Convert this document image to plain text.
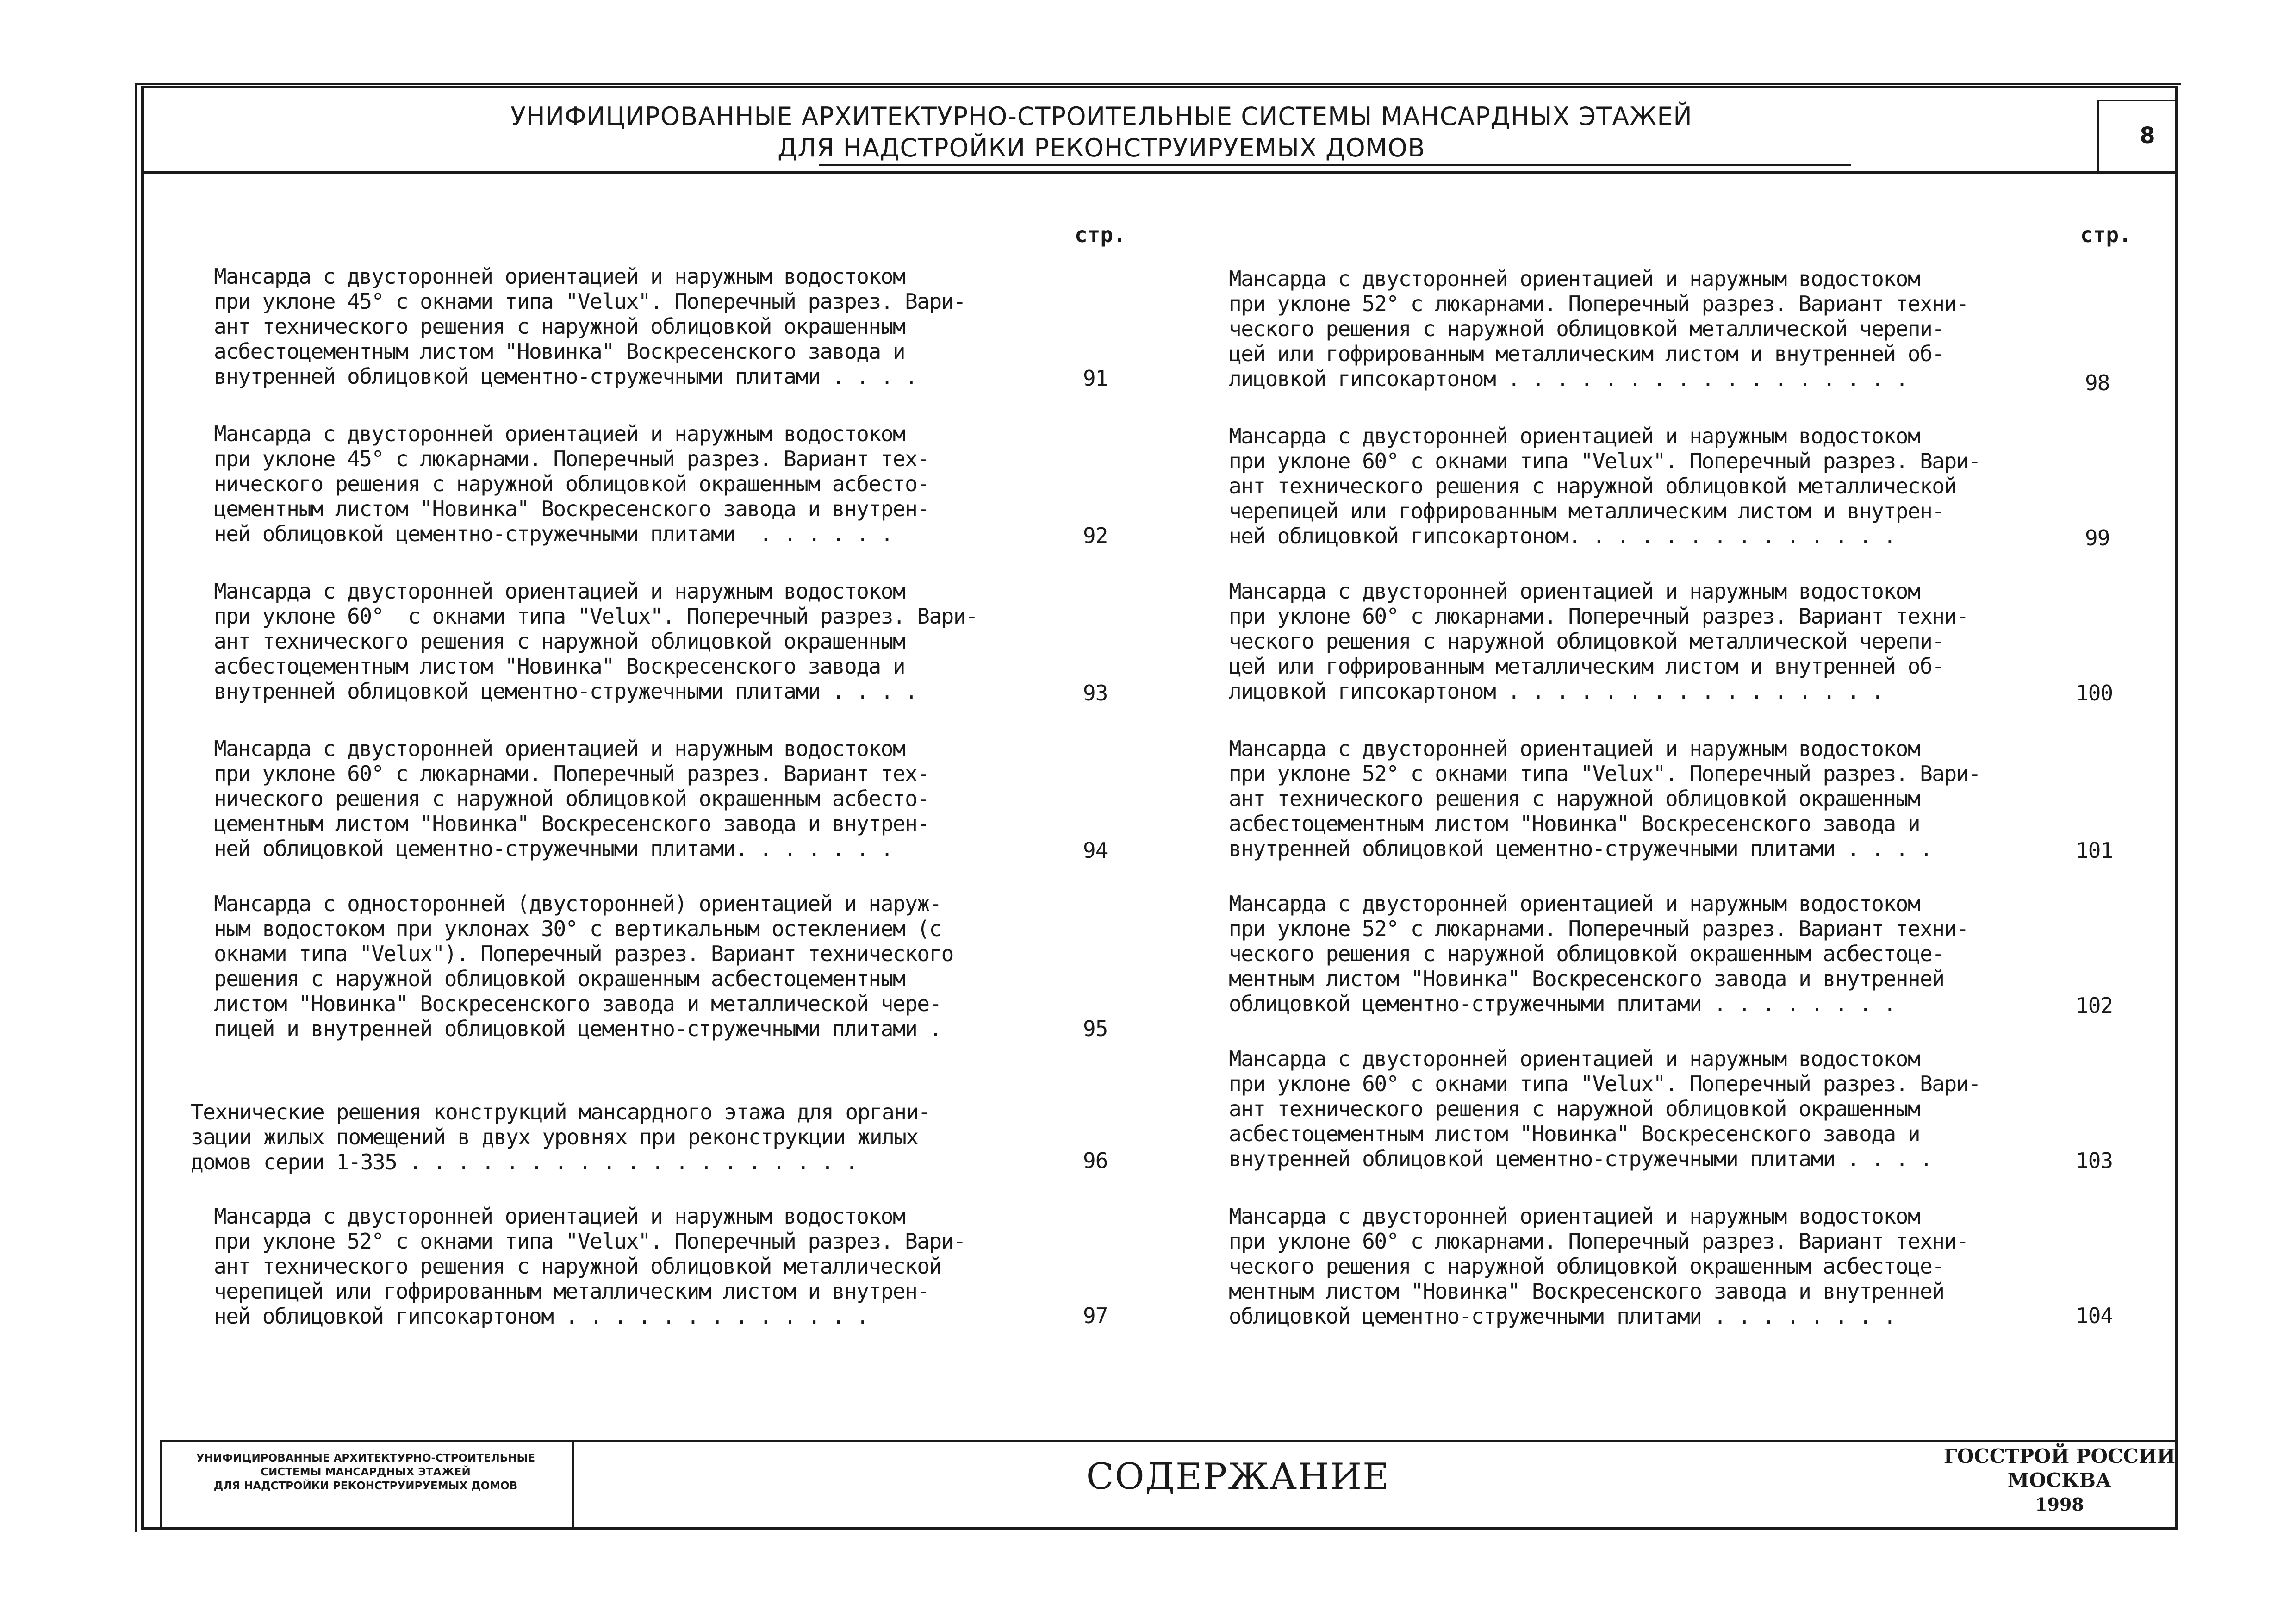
УНИФИЦИРОВАННЫЕ АРХИТЕКТУРНО-СТРОИТЕЛЬНЫЕ СИСТЕМЫ МАНСАРДНЫХ ЭТАЖЕЙ
ДЛЯ НАДСТРОЙКИ РЕКОНСТРУИРУЕМЫХ ДОМОВ	8
стр.	стр.
Мансарда с двусторонней ориентацией и наружным водостоком
при уклоне 45° с окнами типа "Velux". Поперечный разрез. Вари-
ант технического решения с наружной облицовкой окрашенным
асбестоцементным листом "Новинка" Воскресенского завода и
внутренней облицовкой цементно-стружечными плитами . . . .	91
Мансарда с двусторонней ориентацией и наружным водостоком
при уклоне 45° с люкарнами. Поперечный разрез. Вариант тех-
нического решения с наружной облицовкой окрашенным асбесто-
цементным листом "Новинка" Воскресенского завода и внутрен-
ней облицовкой цементно-стружечными плитами  . . . . . .	92
Мансарда с двусторонней ориентацией и наружным водостоком
при уклоне 60°  с окнами типа "Velux". Поперечный разрез. Вари-
ант технического решения с наружной облицовкой окрашенным
асбестоцементным листом "Новинка" Воскресенского завода и
внутренней облицовкой цементно-стружечными плитами . . . .	93
Мансарда с двусторонней ориентацией и наружным водостоком
при уклоне 60° с люкарнами. Поперечный разрез. Вариант тех-
нического решения с наружной облицовкой окрашенным асбесто-
цементным листом "Новинка" Воскресенского завода и внутрен-
ней облицовкой цементно-стружечными плитами. . . . . . .	94
Мансарда с односторонней (двусторонней) ориентацией и наруж-
ным водостоком при уклонах 30° с вертикальным остеклением (с
окнами типа "Velux"). Поперечный разрез. Вариант технического
решения с наружной облицовкой окрашенным асбестоцементным
листом "Новинка" Воскресенского завода и металлической чере-
пицей и внутренней облицовкой цементно-стружечными плитами .	95
Технические решения конструкций мансардного этажа для органи-
зации жилых помещений в двух уровнях при реконструкции жилых
домов серии 1-335 . . . . . . . . . . . . . . . . . . .	96
Мансарда с двусторонней ориентацией и наружным водостоком
при уклоне 52° с окнами типа "Velux". Поперечный разрез. Вари-
ант технического решения с наружной облицовкой металлической
черепицей или гофрированным металлическим листом и внутрен-
ней облицовкой гипсокартоном . . . . . . . . . . . . .	97
Мансарда с двусторонней ориентацией и наружным водостоком
при уклоне 52° с люкарнами. Поперечный разрез. Вариант техни-
ческого решения с наружной облицовкой металлической черепи-
цей или гофрированным металлическим листом и внутренней об-
лицовкой гипсокартоном . . . . . . . . . . . . . . . . .	98
Мансарда с двусторонней ориентацией и наружным водостоком
при уклоне 60° с окнами типа "Velux". Поперечный разрез. Вари-
ант технического решения с наружной облицовкой металлической
черепицей или гофрированным металлическим листом и внутрен-
ней облицовкой гипсокартоном. . . . . . . . . . . . . .	99
Мансарда с двусторонней ориентацией и наружным водостоком
при уклоне 60° с люкарнами. Поперечный разрез. Вариант техни-
ческого решения с наружной облицовкой металлической черепи-
цей или гофрированным металлическим листом и внутренней об-
лицовкой гипсокартоном . . . . . . . . . . . . . . . .	100
Мансарда с двусторонней ориентацией и наружным водостоком
при уклоне 52° с окнами типа "Velux". Поперечный разрез. Вари-
ант технического решения с наружной облицовкой окрашенным
асбестоцементным листом "Новинка" Воскресенского завода и
внутренней облицовкой цементно-стружечными плитами . . . .	101
Мансарда с двусторонней ориентацией и наружным водостоком
при уклоне 52° с люкарнами. Поперечный разрез. Вариант техни-
ческого решения с наружной облицовкой окрашенным асбестоце-
ментным листом "Новинка" Воскресенского завода и внутренней
облицовкой цементно-стружечными плитами . . . . . . . .	102
Мансарда с двусторонней ориентацией и наружным водостоком
при уклоне 60° с окнами типа "Velux". Поперечный разрез. Вари-
ант технического решения с наружной облицовкой окрашенным
асбестоцементным листом "Новинка" Воскресенского завода и
внутренней облицовкой цементно-стружечными плитами . . . .	103
Мансарда с двусторонней ориентацией и наружным водостоком
при уклоне 60° с люкарнами. Поперечный разрез. Вариант техни-
ческого решения с наружной облицовкой окрашенным асбестоце-
ментным листом "Новинка" Воскресенского завода и внутренней
облицовкой цементно-стружечными плитами . . . . . . . .	104
УНИФИЦИРОВАННЫЕ АРХИТЕКТУРНО-СТРОИТЕЛЬНЫЕ
СИСТЕМЫ МАНСАРДНЫХ ЭТАЖЕЙ
ДЛЯ НАДСТРОЙКИ РЕКОНСТРУИРУЕМЫХ ДОМОВ	СОДЕРЖАНИЕ	ГОССТРОЙ РОССИИ
МОСКВА
1998
